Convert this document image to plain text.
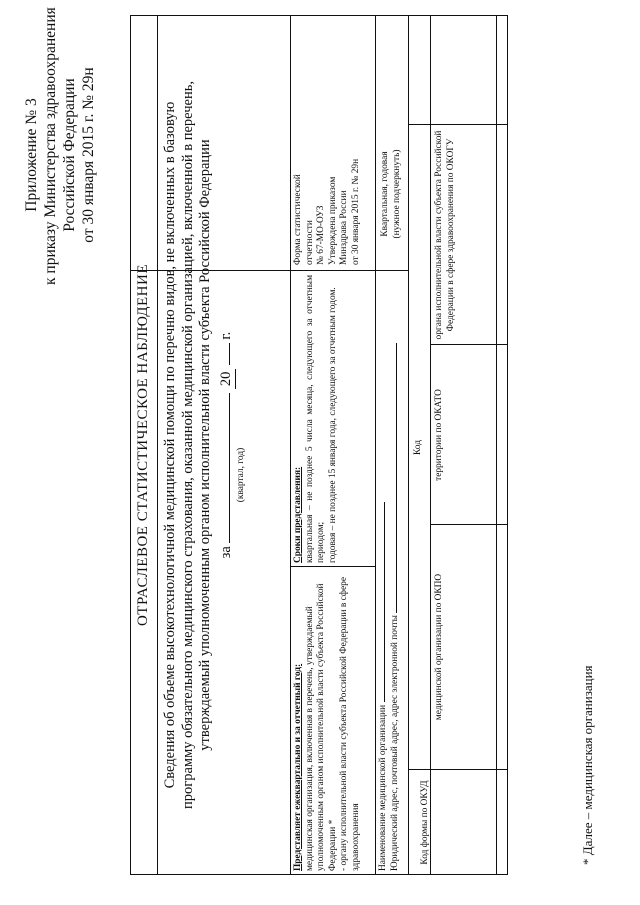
Приложение № 3 к приказу Министерства здравоохранения Российской Федерации от 30 января 2015 г. № 29н
ОТРАСЛЕВОЕ СТАТИСТИЧЕСКОЕ НАБЛЮДЕНИЕ Сведения об объеме высокотехнологичной медицинской помощи по перечню видов, не включенных в базовую программу обязательного медицинского страхования, оказанной медицинской организацией, включенной в перечень, утверждаемый уполномоченным органом исполнительной власти субъекта Российской Федерации за  20  г.
(квартал, год)
Представляет ежеквартально и за отчетный год: медицинская организация, включенная в перечень, утверждаемый уполномоченным органом исполнительной власти субъекта Российской Федерации * - органу исполнительной власти субъекта Российской Федерации в сфере здравоохранения
Сроки представления: квартальная – не позднее 5 числа месяца, следующего за отчетным периодом; годовая – не позднее 15 января года, следующего за отчетным годом.
Форма статистической отчетности № 67-МО-ОУЗ Утверждена приказом Минздрава России от 30 января 2015 г. № 29н Квартальная, годовая (нужное подчеркнуть)
Наименование медицинской организации Юридический адрес, почтовый адрес, адрес электронной почты Код формы по ОКУД
Код
медицинской организации по ОКПО
территории по ОКАТО
органа исполнительной власти субъекта Российской Федерации в сфере здравоохранения по ОКОГУ
* Далее – медицинская организация
